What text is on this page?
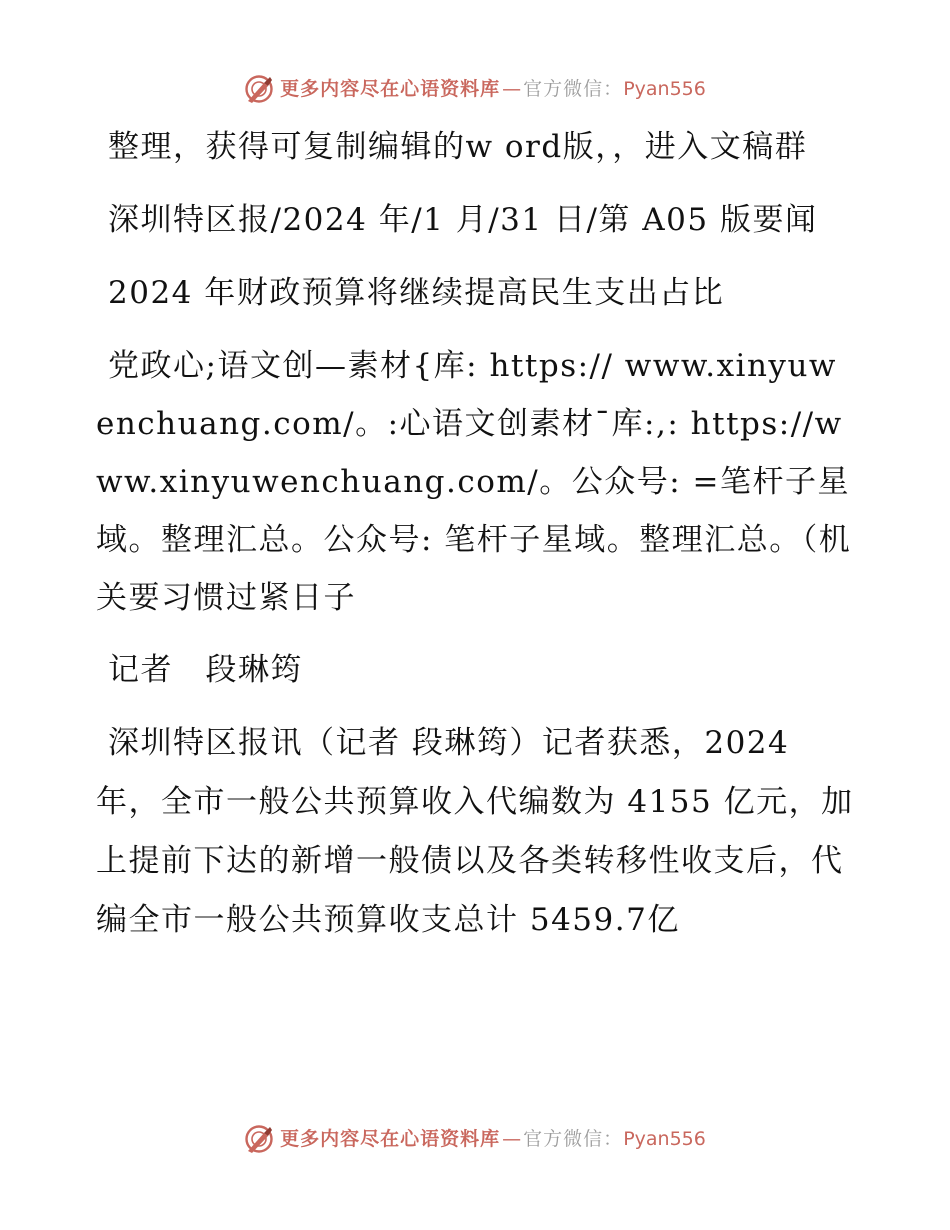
更多内容尽在心语资料库 — 官方微信： Pyan556

整理，获得可复制编辑的w ord版，，进入文稿群

深圳特区报/2024 年/1 月/31 日/第 A05 版要闻

2024 年财政预算将继续提高民生支出占比

党政心;语文创—素材{库: https:// www.xinyuwenchuang.com/。:心语文创素材¯库:,: https://www.xinyuwenchuang.com/。公众号: =笔杆子星域。整理汇总。公众号: 笔杆子星域。整理汇总。（机关要习惯过紧日子

记者　段琳筠

深圳特区报讯（记者 段琳筠）记者获悉，2024 年，全市一般公共预算收入代编数为 4155 亿元，加上提前下达的新增一般债以及各类转移性收支后，代编全市一般公共预算收支总计 5459.7亿

更多内容尽在心语资料库 — 官方微信： Pyan556
